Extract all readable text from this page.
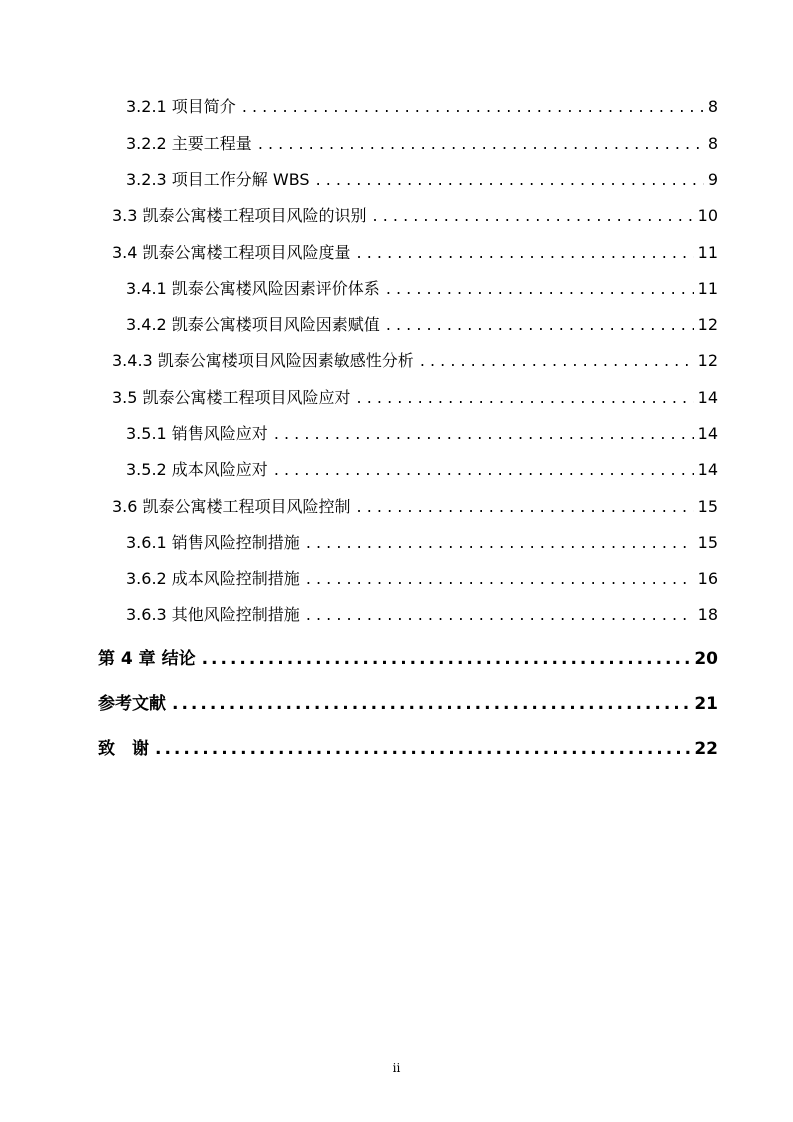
3.2.1 项目简介 . . .	8
3.2.2 主要工程量 . . .	8
3.2.3 项目工作分解 WBS . . .	9
3.3 凯泰公寓楼工程项目风险的识别 . . .	10
3.4 凯泰公寓楼工程项目风险度量 . . .	11
3.4.1 凯泰公寓楼风险因素评价体系 . . .	11
3.4.2 凯泰公寓楼项目风险因素赋值 . . .	12
3.4.3 凯泰公寓楼项目风险因素敏感性分析 . . .	12
3.5 凯泰公寓楼工程项目风险应对 . . .	14
3.5.1 销售风险应对 . . .	14
3.5.2 成本风险应对 . . .	14
3.6 凯泰公寓楼工程项目风险控制 . . .	15
3.6.1 销售风险控制措施 . . .	15
3.6.2 成本风险控制措施 . . .	16
3.6.3 其他风险控制措施 . . .	18
第 4 章 结论 .....	20
参考文献 .....	21
致　谢 .....	22
ii
